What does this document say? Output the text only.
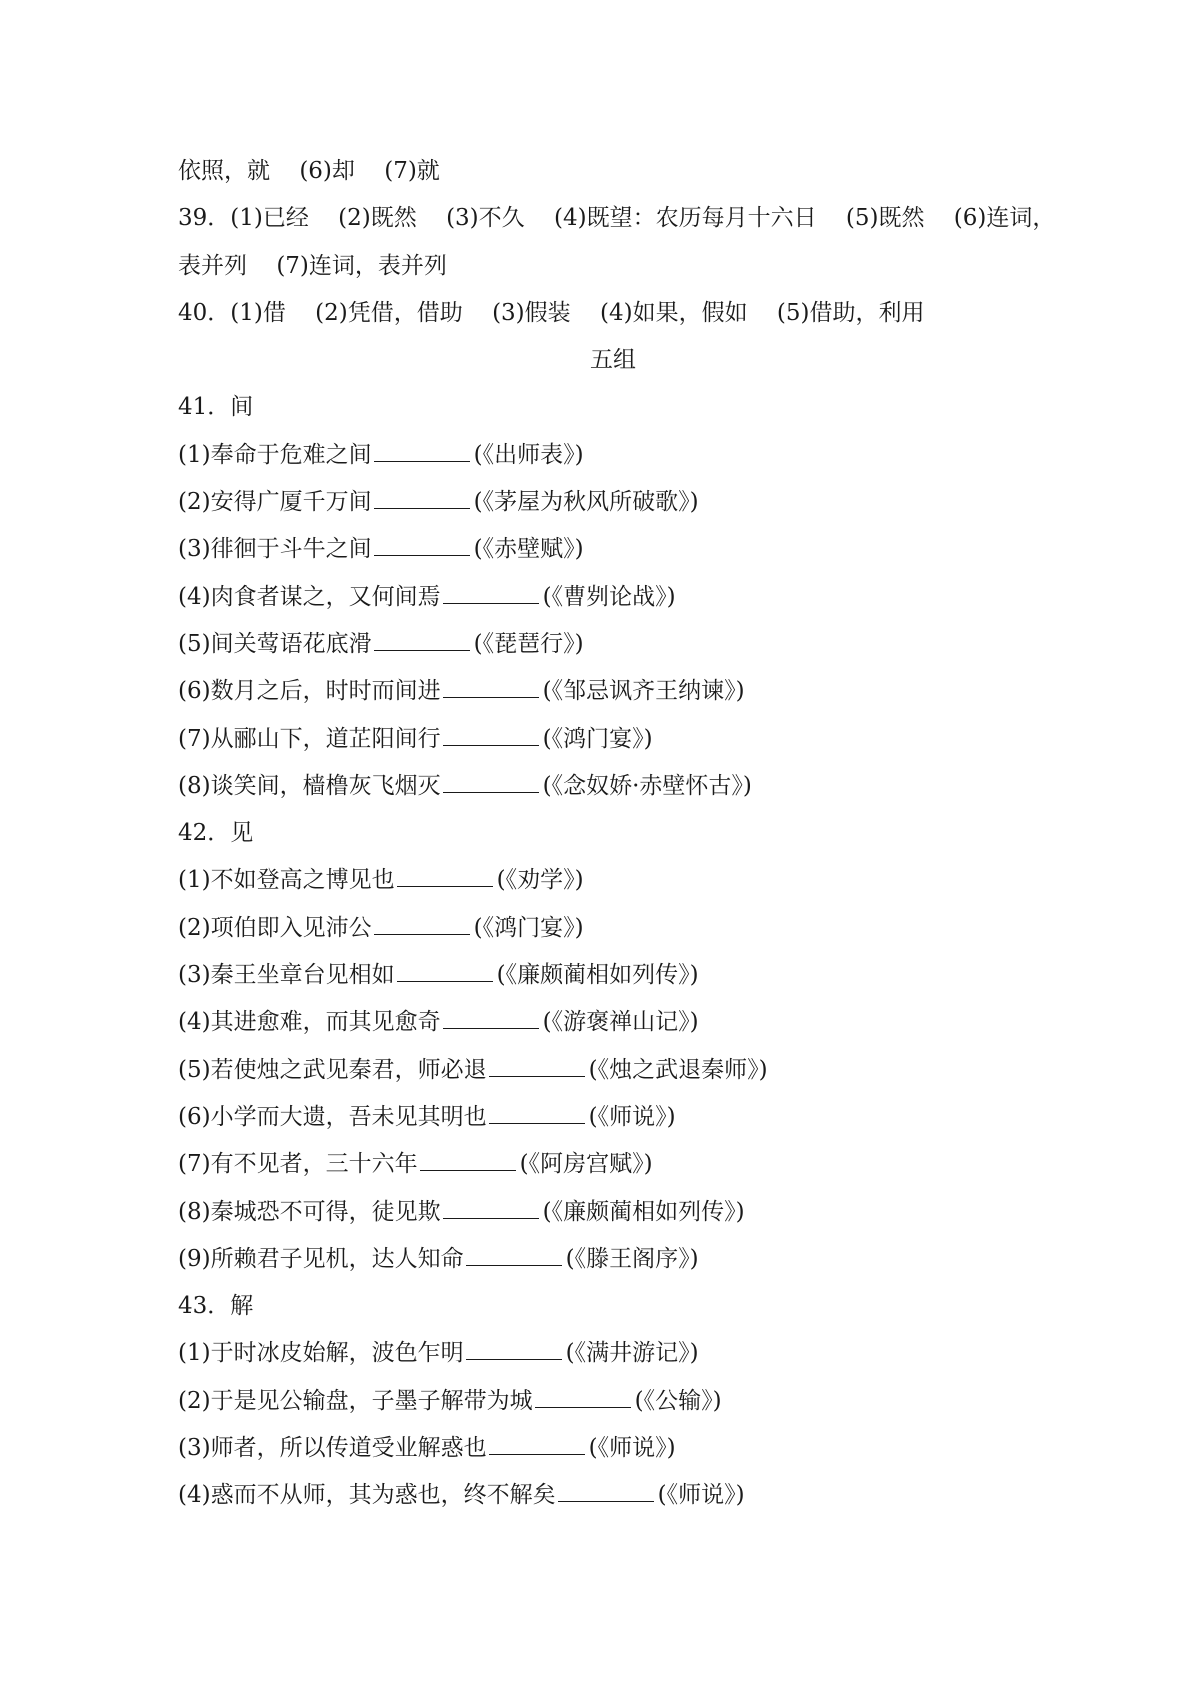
依照，就 (6)却 (7)就
39．(1)已经 (2)既然 (3)不久 (4)既望：农历每月十六日 (5)既然 (6)连词，
表并列 (7)连词，表并列
40．(1)借 (2)凭借，借助 (3)假装 (4)如果，假如 (5)借助，利用
五组
41．间
(1)奉命于危难之间	(《出师表》)
(2)安得广厦千万间	(《茅屋为秋风所破歌》)
(3)徘徊于斗牛之间	(《赤壁赋》)
(4)肉食者谋之，又何间焉	(《曹刿论战》)
(5)间关莺语花底滑	(《琵琶行》)
(6)数月之后，时时而间进	(《邹忌讽齐王纳谏》)
(7)从郦山下，道芷阳间行	(《鸿门宴》)
(8)谈笑间，樯橹灰飞烟灭	(《念奴娇·赤壁怀古》)
42．见
(1)不如登高之博见也	(《劝学》)
(2)项伯即入见沛公	(《鸿门宴》)
(3)秦王坐章台见相如	(《廉颇蔺相如列传》)
(4)其进愈难，而其见愈奇	(《游褒禅山记》)
(5)若使烛之武见秦君，师必退	(《烛之武退秦师》)
(6)小学而大遗，吾未见其明也	(《师说》)
(7)有不见者，三十六年	(《阿房宫赋》)
(8)秦城恐不可得，徒见欺	(《廉颇蔺相如列传》)
(9)所赖君子见机，达人知命	(《滕王阁序》)
43．解
(1)于时冰皮始解，波色乍明	(《满井游记》)
(2)于是见公输盘，子墨子解带为城	(《公输》)
(3)师者，所以传道受业解惑也	(《师说》)
(4)惑而不从师，其为惑也，终不解矣	(《师说》)
